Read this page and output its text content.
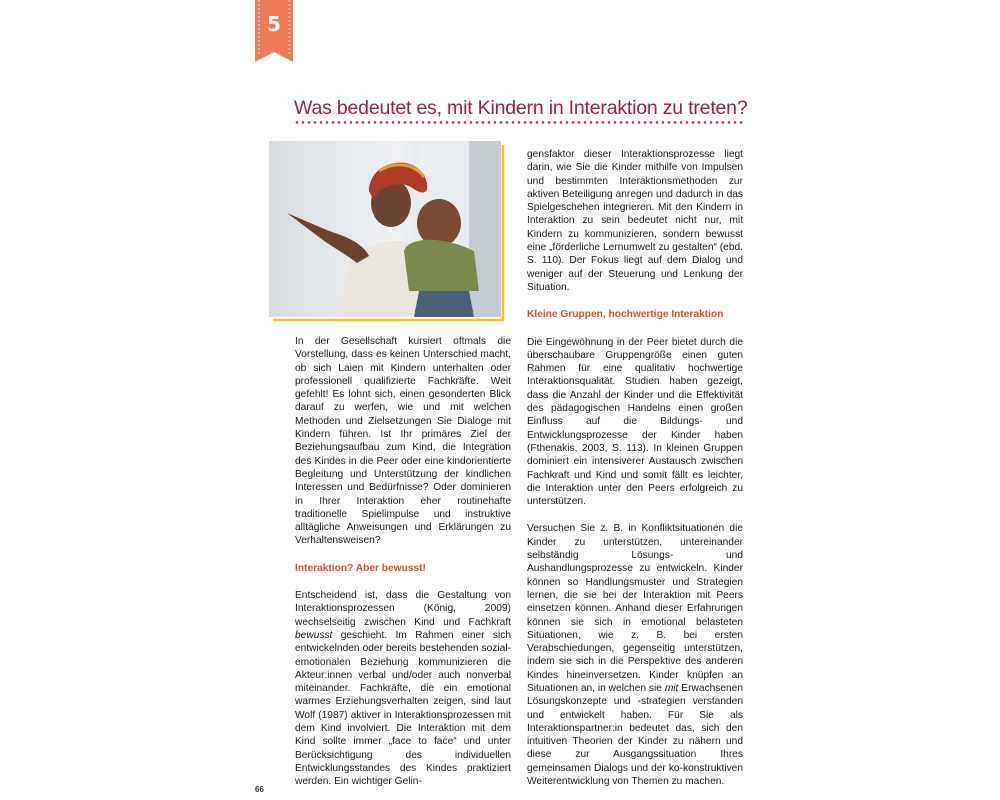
5
Was bedeutet es, mit Kindern in Interaktion zu treten?

In der Gesellschaft kursiert oftmals die Vorstellung, dass es keinen Unterschied macht, ob sich Laien mit Kindern unterhalten oder professionell qualifizierte Fachkräfte. Weit gefehlt! Es lohnt sich, einen gesonderten Blick darauf zu werfen, wie und mit welchen Methoden und Zielsetzungen Sie Dialoge mit Kindern führen. Ist Ihr primäres Ziel der Beziehungsaufbau zum Kind, die Integration des Kindes in die Peer oder eine kindorientierte Begleitung und Unterstützung der kindlichen Interessen und Bedürfnisse? Oder dominieren in Ihrer Interaktion eher routinehafte traditionelle Spielimpulse und instruktive alltägliche Anweisungen und Erklärungen zu Verhaltensweisen?

Interaktion? Aber bewusst!

Entscheidend ist, dass die Gestaltung von Interaktionsprozessen (König, 2009) wechselseitig zwischen Kind und Fachkraft bewusst geschieht. Im Rahmen einer sich entwickelnden oder bereits bestehenden sozial-emotionalen Beziehung kommunizieren die Akteur:innen verbal und/oder auch nonverbal miteinander. Fachkräfte, die ein emotional warmes Erziehungsverhalten zeigen, sind laut Wolf (1987) aktiver in Interaktionsprozessen mit dem Kind involviert. Die Interaktion mit dem Kind sollte immer „face to face“ und unter Berücksichtigung des individuellen Entwicklungsstandes des Kindes praktiziert werden. Ein wichtiger Gelin-

gensfaktor dieser Interaktionsprozesse liegt darin, wie Sie die Kinder mithilfe von Impulsen und bestimmten Interaktionsmethoden zur aktiven Beteiligung anregen und dadurch in das Spielgeschehen integrieren. Mit den Kindern in Interaktion zu sein bedeutet nicht nur, mit Kindern zu kommunizieren, sondern bewusst eine „förderliche Lernumwelt zu gestalten“ (ebd. S. 110). Der Fokus liegt auf dem Dialog und weniger auf der Steuerung und Lenkung der Situation.

Kleine Gruppen, hochwertige Interaktion

Die Eingewöhnung in der Peer bietet durch die überschaubare Gruppengröße einen guten Rahmen für eine qualitativ hochwertige Interaktionsqualität. Studien haben gezeigt, dass die Anzahl der Kinder und die Effektivität des pädagogischen Handelns einen großen Einfluss auf die Bildungs- und Entwicklungsprozesse der Kinder haben (Fthenakis, 2003, S. 113). In kleinen Gruppen dominiert ein intensiverer Austausch zwischen Fachkraft und Kind und somit fällt es leichter, die Interaktion unter den Peers erfolgreich zu unterstützen.

Versuchen Sie z. B. in Konfliktsituationen die Kinder zu unterstützen, untereinander selbständig Lösungs- und Aushandlungsprozesse zu entwickeln. Kinder können so Handlungsmuster und Strategien lernen, die sie bei der Interaktion mit Peers einsetzen können. Anhand dieser Erfahrungen können sie sich in emotional belasteten Situationen, wie z. B. bei ersten Verabschiedungen, gegenseitig unterstützen, indem sie sich in die Perspektive des anderen Kindes hineinversetzen. Kinder knüpfen an Situationen an, in welchen sie mit Erwachsenen Lösungskonzepte und -strategien verstanden und entwickelt haben. Für Sie als Interaktionspartner:in bedeutet das, sich den intuitiven Theorien der Kinder zu nähern und diese zur Ausgangssituation Ihres gemeinsamen Dialogs und der ko-konstruktiven Weiterentwicklung von Themen zu machen.

66
